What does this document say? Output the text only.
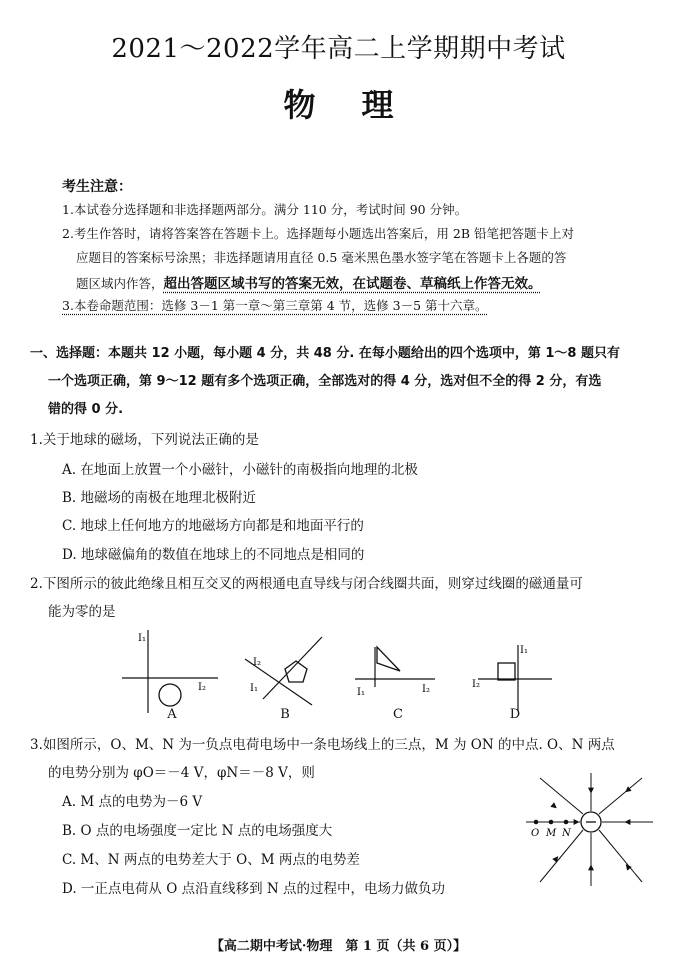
2021～2022学年高二上学期期中考试
物理
考生注意：
1.本试卷分选择题和非选择题两部分。满分 110 分，考试时间 90 分钟。
2.考生作答时，请将答案答在答题卡上。选择题每小题选出答案后，用 2B 铅笔把答题卡上对
应题目的答案标号涂黑；非选择题请用直径 0.5 毫米黑色墨水签字笔在答题卡上各题的答
题区域内作答，超出答题区域书写的答案无效，在试题卷、草稿纸上作答无效。
3.本卷命题范围：选修 3－1 第一章～第三章第 4 节，选修 3－5 第十六章。
一、选择题：本题共 12 小题，每小题 4 分，共 48 分. 在每小题给出的四个选项中，第 1～8 题只有
一个选项正确，第 9～12 题有多个选项正确，全部选对的得 4 分，选对但不全的得 2 分，有选
错的得 0 分.
1.关于地球的磁场，下列说法正确的是
A. 在地面上放置一个小磁针，小磁针的南极指向地理的北极
B. 地磁场的南极在地理北极附近
C. 地球上任何地方的地磁场方向都是和地面平行的
D. 地球磁偏角的数值在地球上的不同地点是相同的
2.下图所示的彼此绝缘且相互交叉的两根通电直导线与闭合线圈共面，则穿过线圈的磁通量可
能为零的是
I₁
I₂
I₂
I₁	I₂
I₁
I₁
I₂
A	B	C	D
3.如图所示，O、M、N 为一负点电荷电场中一条电场线上的三点，M 为 ON 的中点. O、N 两点
的电势分别为 φO＝－4 V，φN＝－8 V，则
A. M 点的电势为－6 V
B. O 点的电场强度一定比 N 点的电场强度大
C. M、N 两点的电势差大于 O、M 两点的电势差
D. 一正点电荷从 O 点沿直线移到 N 点的过程中，电场力做负功
O M N
【高二期中考试·物理　第 1 页（共 6 页）】
